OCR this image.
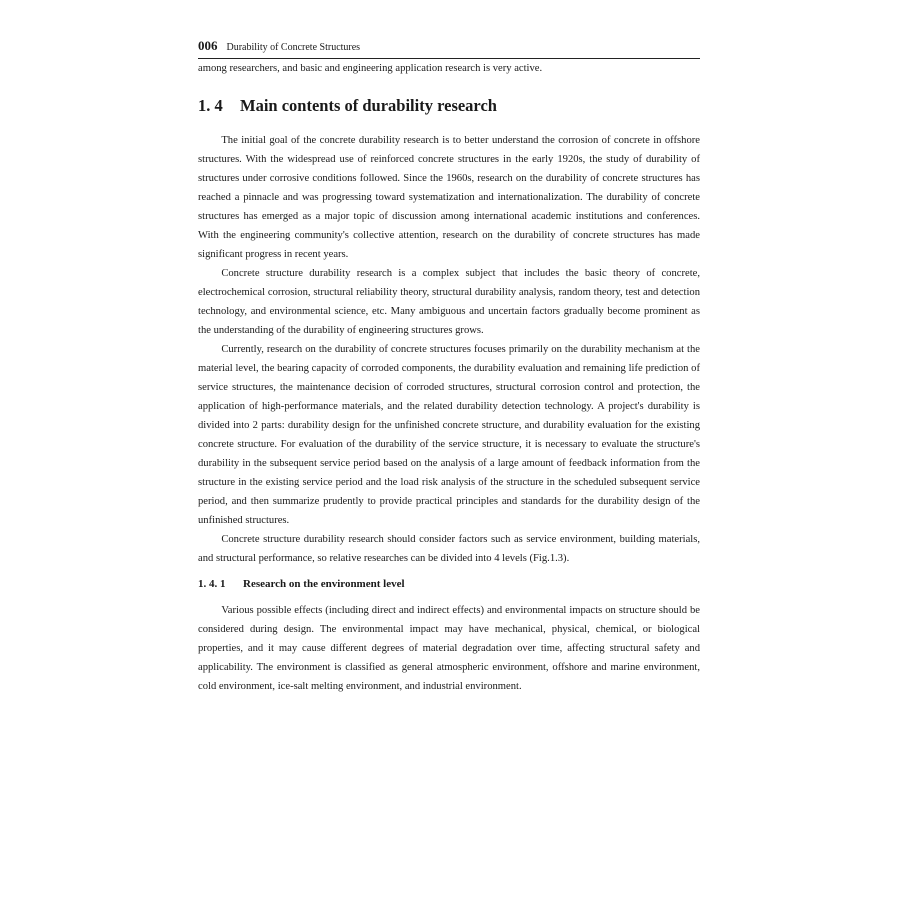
006 Durability of Concrete Structures

among researchers, and basic and engineering application research is very active.

1. 4 Main contents of durability research

The initial goal of the concrete durability research is to better understand the corrosion of concrete in offshore structures. With the widespread use of reinforced concrete structures in the early 1920s, the study of durability of structures under corrosive conditions followed. Since the 1960s, research on the durability of concrete structures has reached a pinnacle and was progressing toward systematization and internationalization. The durability of concrete structures has emerged as a major topic of discussion among international academic institutions and conferences. With the engineering community's collective attention, research on the durability of concrete structures has made significant progress in recent years.

Concrete structure durability research is a complex subject that includes the basic theory of concrete, electrochemical corrosion, structural reliability theory, structural durability analysis, random theory, test and detection technology, and environmental science, etc. Many ambiguous and uncertain factors gradually become prominent as the understanding of the durability of engineering structures grows.

Currently, research on the durability of concrete structures focuses primarily on the durability mechanism at the material level, the bearing capacity of corroded components, the durability evaluation and remaining life prediction of service structures, the maintenance decision of corroded structures, structural corrosion control and protection, the application of high-performance materials, and the related durability detection technology. A project's durability is divided into 2 parts: durability design for the unfinished concrete structure, and durability evaluation for the existing concrete structure. For evaluation of the durability of the service structure, it is necessary to evaluate the structure's durability in the subsequent service period based on the analysis of a large amount of feedback information from the structure in the existing service period and the load risk analysis of the structure in the scheduled subsequent service period, and then summarize prudently to provide practical principles and standards for the durability design of the unfinished structures.

Concrete structure durability research should consider factors such as service environment, building materials, and structural performance, so relative researches can be divided into 4 levels (Fig.1.3).

1. 4. 1 Research on the environment level

Various possible effects (including direct and indirect effects) and environmental impacts on structure should be considered during design. The environmental impact may have mechanical, physical, chemical, or biological properties, and it may cause different degrees of material degradation over time, affecting structural safety and applicability. The environment is classified as general atmospheric environment, offshore and marine environment, cold environment, ice-salt melting environment, and industrial environment.
